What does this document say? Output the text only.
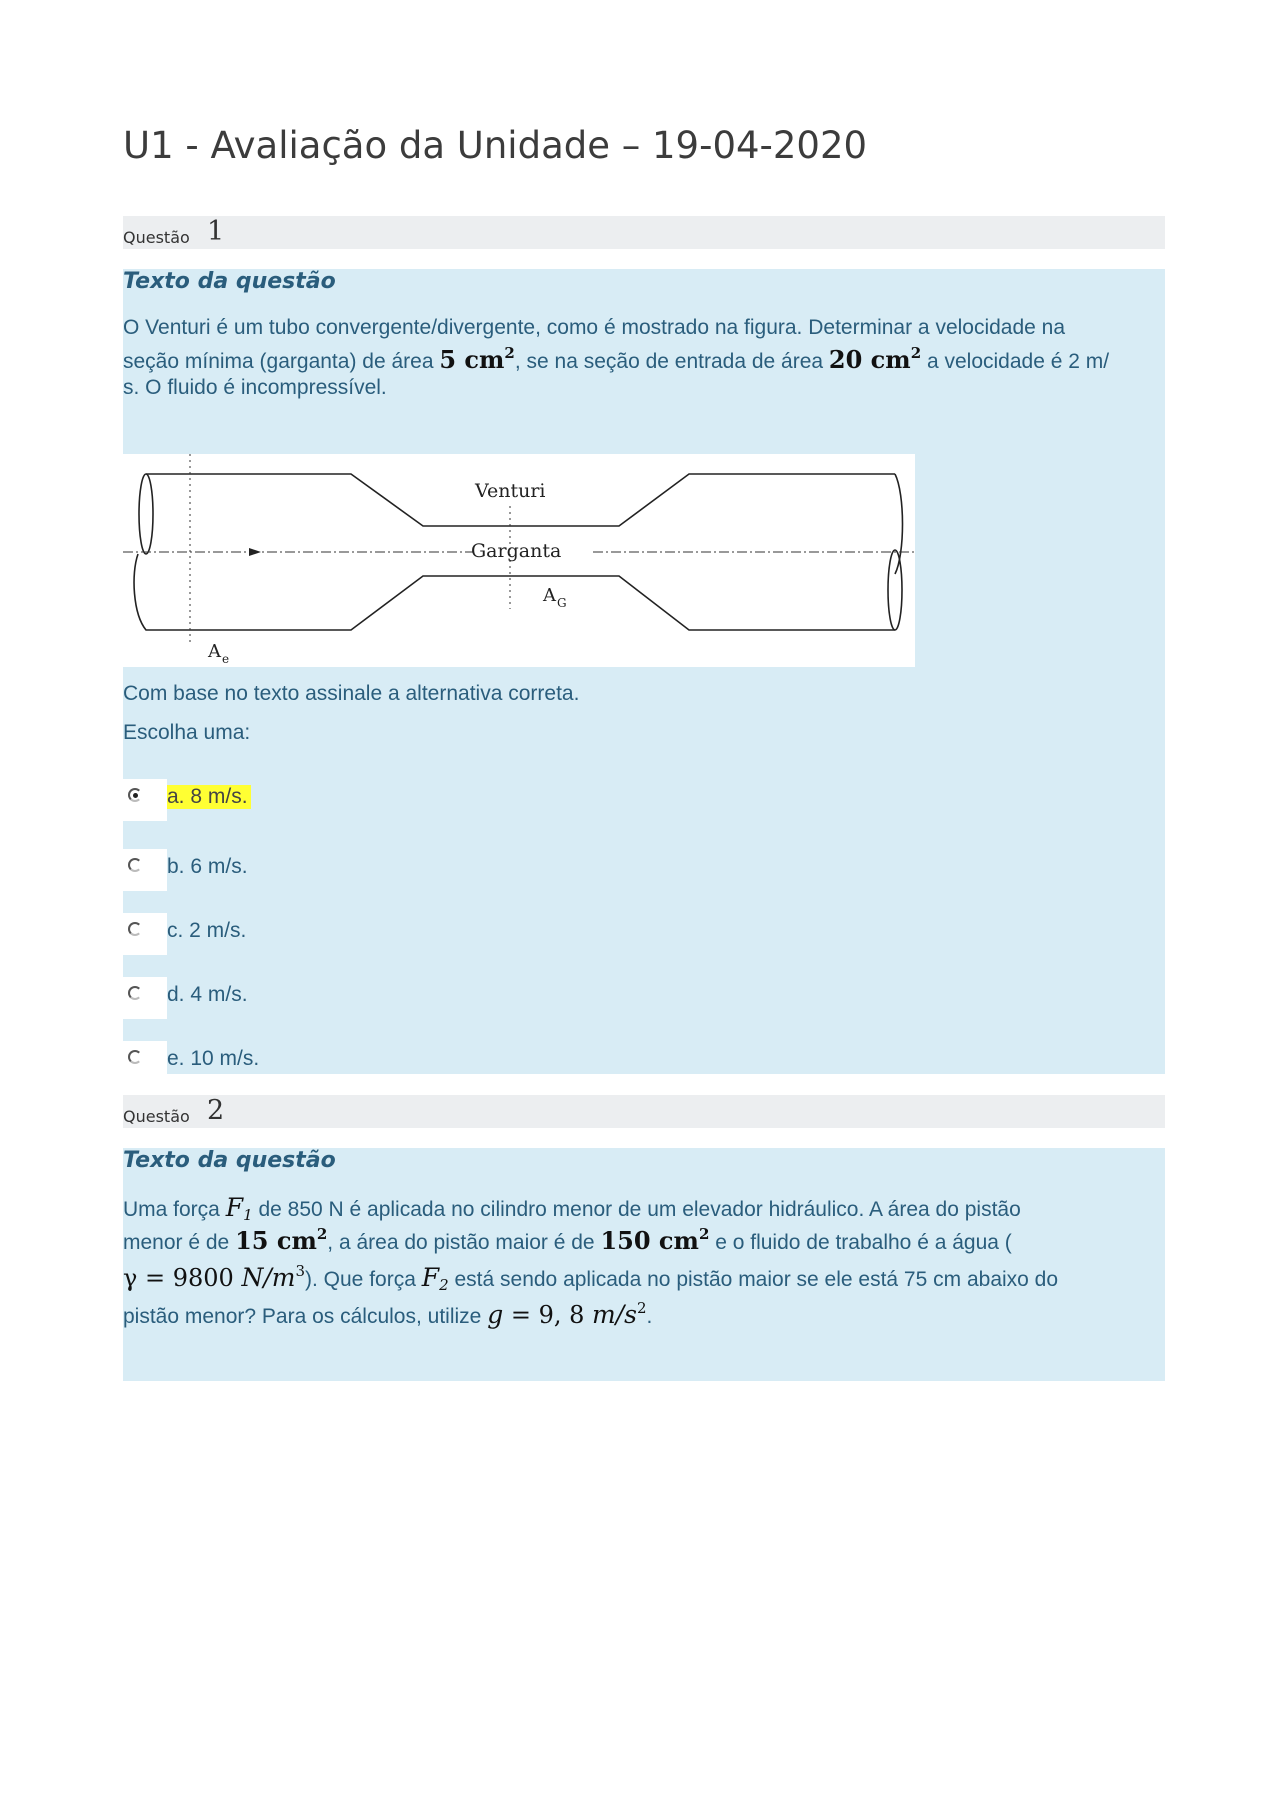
U1 - Avaliação da Unidade – 19-04-2020
Questão 1
Texto da questão
O Venturi é um tubo convergente/divergente, como é mostrado na figura. Determinar a velocidade na
seção mínima (garganta) de área 5 $cm^2$, se na seção de entrada de área 20 $cm^2$ a velocidade é 2 m/
s. O fluido é incompressível.
Venturi
Garganta
A G
A e
Com base no texto assinale a alternativa correta.
Escolha uma:
a. 8 m/s.
b. 6 m/s.
c. 2 m/s.
d. 4 m/s.
e. 10 m/s.
Questão 2
Texto da questão
Uma força $F_1$ de 850 N é aplicada no cilindro menor de um elevador hidráulico. A área do pistão
menor é de 15 $cm^2$, a área do pistão maior é de 150 $cm^2$ e o fluido de trabalho é a água (
γ = 9800 $N/m^3$). Que força $F_2$ está sendo aplicada no pistão maior se ele está 75 cm abaixo do
pistão menor? Para os cálculos, utilize g = 9, 8 $m/s^2$.
